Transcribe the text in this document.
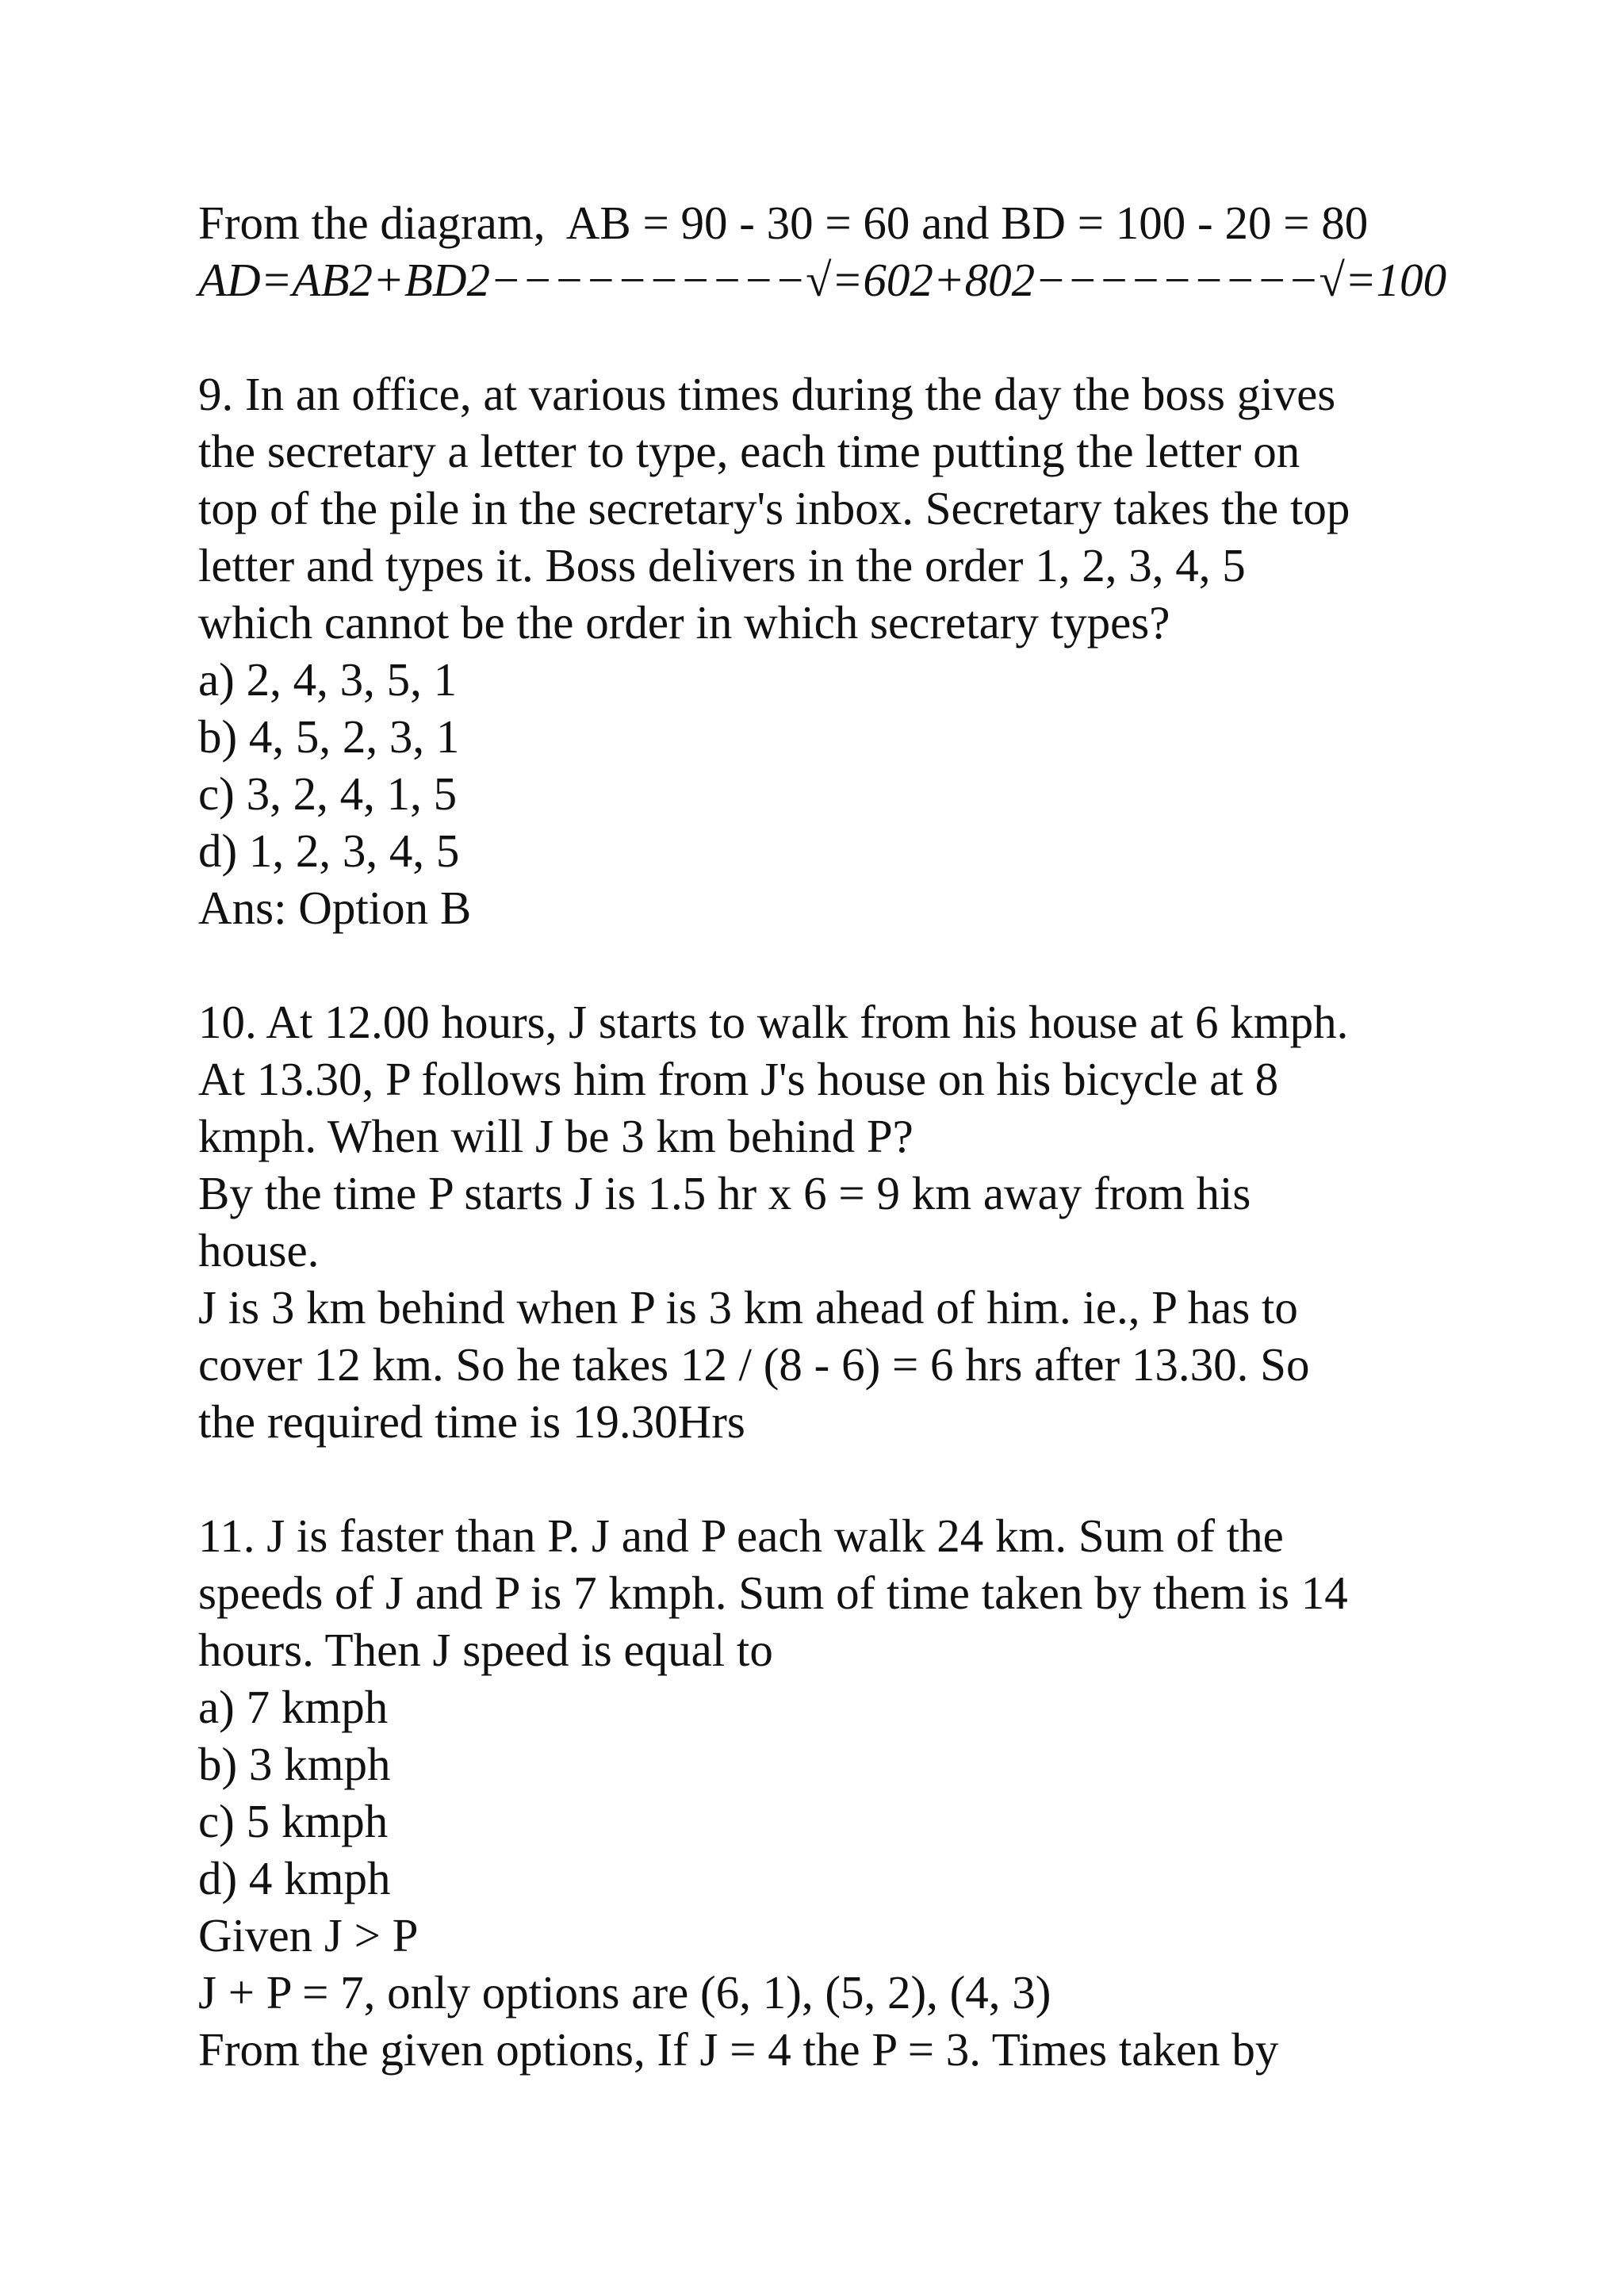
From the diagram,  AB = 90 - 30 = 60 and BD = 100 - 20 = 80
AD=AB2+BD2−−−−−−−−−−√=602+802−−−−−−−−−√=100
9. In an office, at various times during the day the boss gives
the secretary a letter to type, each time putting the letter on
top of the pile in the secretary's inbox. Secretary takes the top
letter and types it. Boss delivers in the order 1, 2, 3, 4, 5
which cannot be the order in which secretary types?
a) 2, 4, 3, 5, 1
b) 4, 5, 2, 3, 1
c) 3, 2, 4, 1, 5
d) 1, 2, 3, 4, 5
Ans: Option B
10. At 12.00 hours, J starts to walk from his house at 6 kmph.
At 13.30, P follows him from J's house on his bicycle at 8
kmph. When will J be 3 km behind P?
By the time P starts J is 1.5 hr x 6 = 9 km away from his
house.
J is 3 km behind when P is 3 km ahead of him. ie., P has to
cover 12 km. So he takes 12 / (8 - 6) = 6 hrs after 13.30. So
the required time is 19.30Hrs
11. J is faster than P. J and P each walk 24 km. Sum of the
speeds of J and P is 7 kmph. Sum of time taken by them is 14
hours. Then J speed is equal to
a) 7 kmph
b) 3 kmph
c) 5 kmph
d) 4 kmph
Given J > P
J + P = 7, only options are (6, 1), (5, 2), (4, 3)
From the given options, If J = 4 the P = 3. Times taken by
